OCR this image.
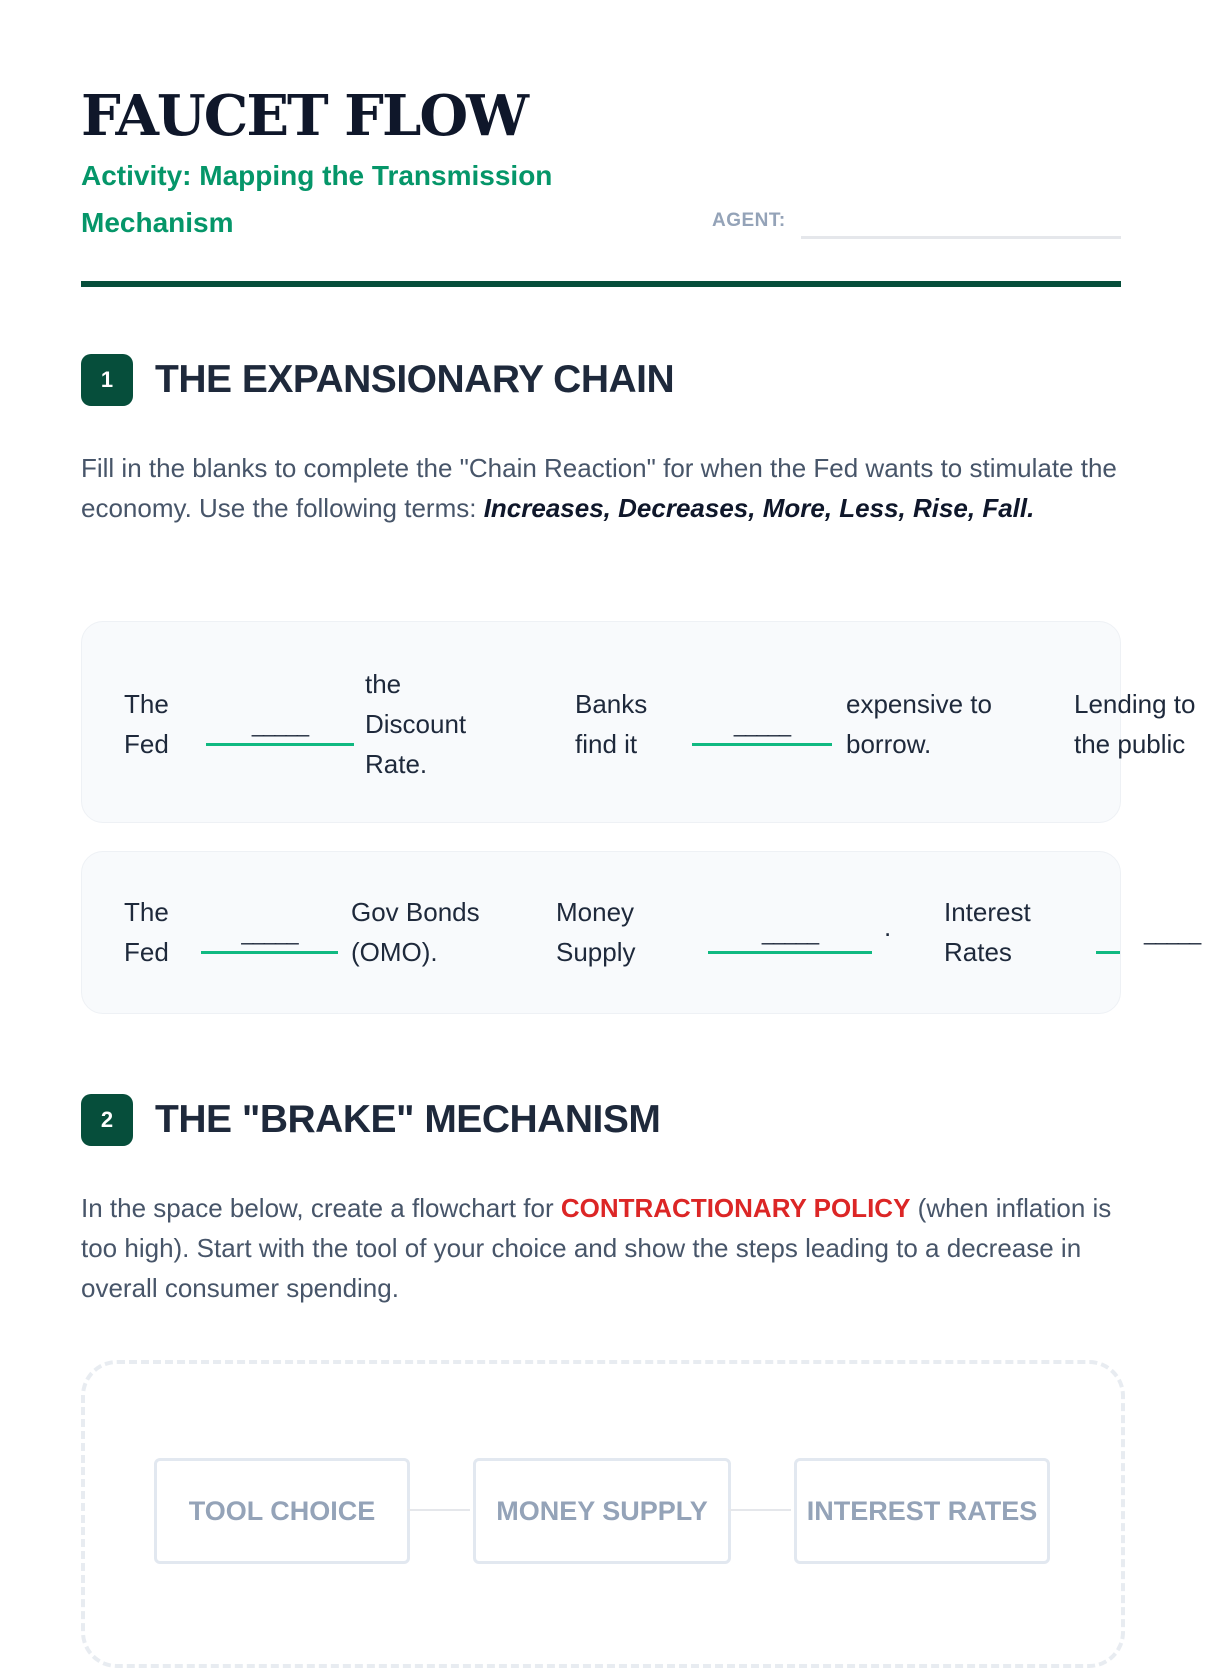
FAUCET FLOW
Activity: Mapping the Transmission Mechanism	AGENT:
1	THE EXPANSIONARY CHAIN
Fill in the blanks to complete the "Chain Reaction" for when the Fed wants to stimulate the economy. Use the following terms: Increases, Decreases, More, Less, Rise, Fall.
The Fed
_____
the Discount Rate.
Banks find it
_____
expensive to borrow.
Lending to the public
The Fed
_____
Gov Bonds (OMO).
Money Supply
_____	. Interest Rates
_____
2	THE "BRAKE" MECHANISM
In the space below, create a flowchart for CONTRACTIONARY POLICY (when inflation is too high). Start with the tool of your choice and show the steps leading to a decrease in overall consumer spending.
TOOL CHOICE	MONEY SUPPLY	INTEREST RATES
